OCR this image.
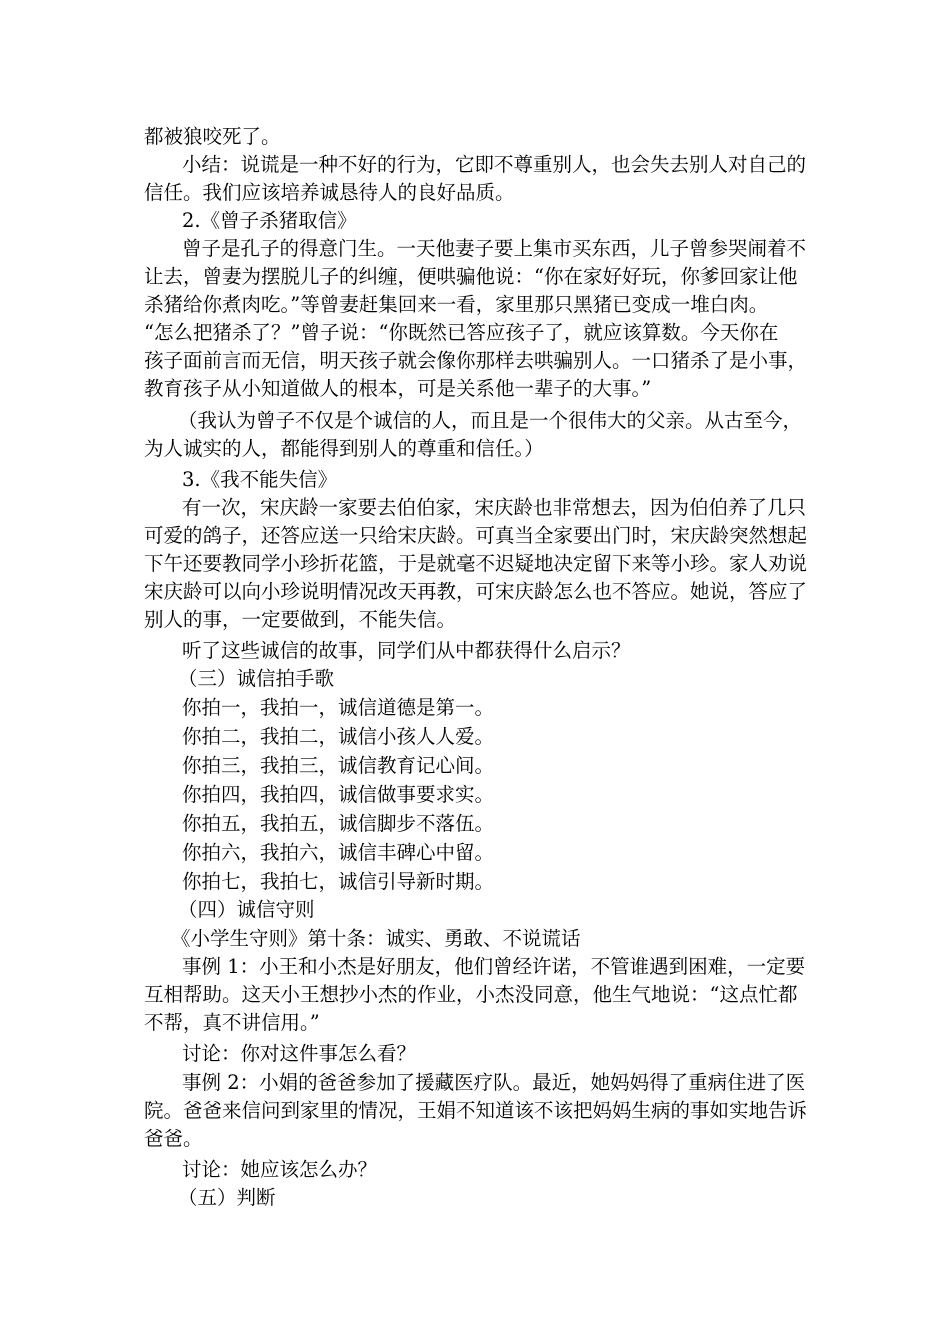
都被狼咬死了。
小结：说谎是一种不好的行为，它即不尊重别人，也会失去别人对自己的
信任。我们应该培养诚恳待人的良好品质。
2.《曾子杀猪取信》
曾子是孔子的得意门生。一天他妻子要上集市买东西，儿子曾参哭闹着不
让去，曾妻为摆脱儿子的纠缠，便哄骗他说：“你在家好好玩，你爹回家让他
杀猪给你煮肉吃。”等曾妻赶集回来一看，家里那只黑猪已变成一堆白肉。
“怎么把猪杀了？”曾子说：“你既然已答应孩子了，就应该算数。今天你在
孩子面前言而无信，明天孩子就会像你那样去哄骗别人。一口猪杀了是小事，
教育孩子从小知道做人的根本，可是关系他一辈子的大事。”
（我认为曾子不仅是个诚信的人，而且是一个很伟大的父亲。从古至今，
为人诚实的人，都能得到别人的尊重和信任。）
3.《我不能失信》
有一次，宋庆龄一家要去伯伯家，宋庆龄也非常想去，因为伯伯养了几只
可爱的鸽子，还答应送一只给宋庆龄。可真当全家要出门时，宋庆龄突然想起
下午还要教同学小珍折花篮，于是就毫不迟疑地决定留下来等小珍。家人劝说
宋庆龄可以向小珍说明情况改天再教，可宋庆龄怎么也不答应。她说，答应了
别人的事，一定要做到，不能失信。
听了这些诚信的故事，同学们从中都获得什么启示？
（三）诚信拍手歌
你拍一，我拍一，诚信道德是第一。
你拍二，我拍二，诚信小孩人人爱。
你拍三，我拍三，诚信教育记心间。
你拍四，我拍四，诚信做事要求实。
你拍五，我拍五，诚信脚步不落伍。
你拍六，我拍六，诚信丰碑心中留。
你拍七，我拍七，诚信引导新时期。
（四）诚信守则
《小学生守则》第十条：诚实、勇敢、不说谎话
事例 1：小王和小杰是好朋友，他们曾经许诺，不管谁遇到困难，一定要
互相帮助。这天小王想抄小杰的作业，小杰没同意，他生气地说：“这点忙都
不帮，真不讲信用。”
讨论：你对这件事怎么看？
事例 2：小娟的爸爸参加了援藏医疗队。最近，她妈妈得了重病住进了医
院。爸爸来信问到家里的情况，王娟不知道该不该把妈妈生病的事如实地告诉
爸爸。
讨论：她应该怎么办？
（五）判断
